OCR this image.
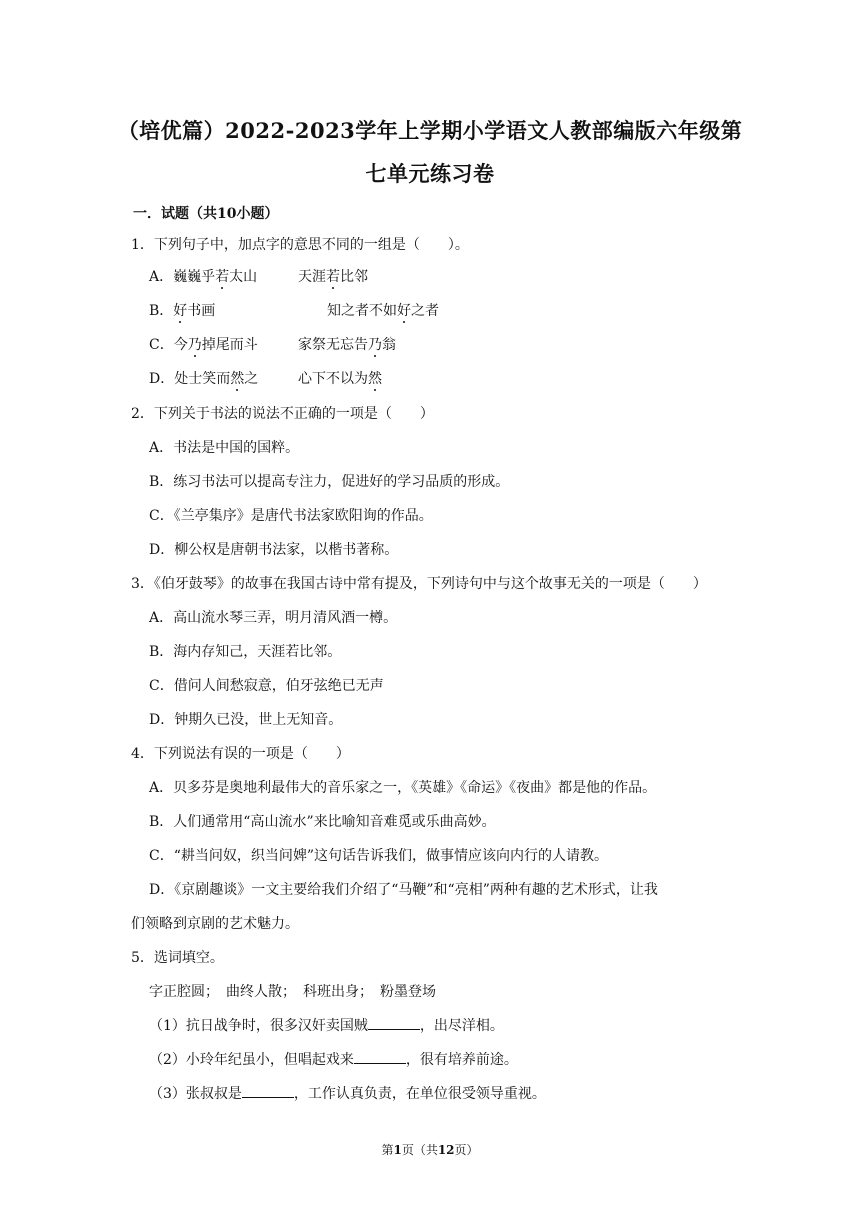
（培优篇）2022-2023学年上学期小学语文人教部编版六年级第
七单元练习卷
一．试题（共10小题）
1．下列句子中，加点字的意思不同的一组是（　　）。
A．巍巍乎若太山	天涯若比邻
B．好书画	知之者不如好之者
C．今乃掉尾而斗	家祭无忘告乃翁
D．处士笑而然之	心下不以为然
2．下列关于书法的说法不正确的一项是（　　）
A．书法是中国的国粹。
B．练习书法可以提高专注力，促进好的学习品质的形成。
C．《兰亭集序》是唐代书法家欧阳询的作品。
D．柳公权是唐朝书法家，以楷书著称。
3．《伯牙鼓琴》的故事在我国古诗中常有提及，下列诗句中与这个故事无关的一项是（　　）
A．高山流水琴三弄，明月清风酒一樽。
B．海内存知己，天涯若比邻。
C．借问人间愁寂意，伯牙弦绝已无声
D．钟期久已没，世上无知音。
4．下列说法有误的一项是（　　）
A．贝多芬是奥地利最伟大的音乐家之一，《英雄》《命运》《夜曲》都是他的作品。
B．人们通常用“高山流水”来比喻知音难觅或乐曲高妙。
C．“耕当问奴，织当问婢”这句话告诉我们，做事情应该向内行的人请教。
D．《京剧趣谈》一文主要给我们介绍了“马鞭”和“亮相”两种有趣的艺术形式，让我
们领略到京剧的艺术魅力。
5．选词填空。
字正腔圆；　曲终人散；　科班出身；　粉墨登场
（1）抗日战争时，很多汉奸卖国贼	，出尽洋相。
（2）小玲年纪虽小，但唱起戏来	，很有培养前途。
（3）张叔叔是	，工作认真负责，在单位很受领导重视。
第1页（共12页）
